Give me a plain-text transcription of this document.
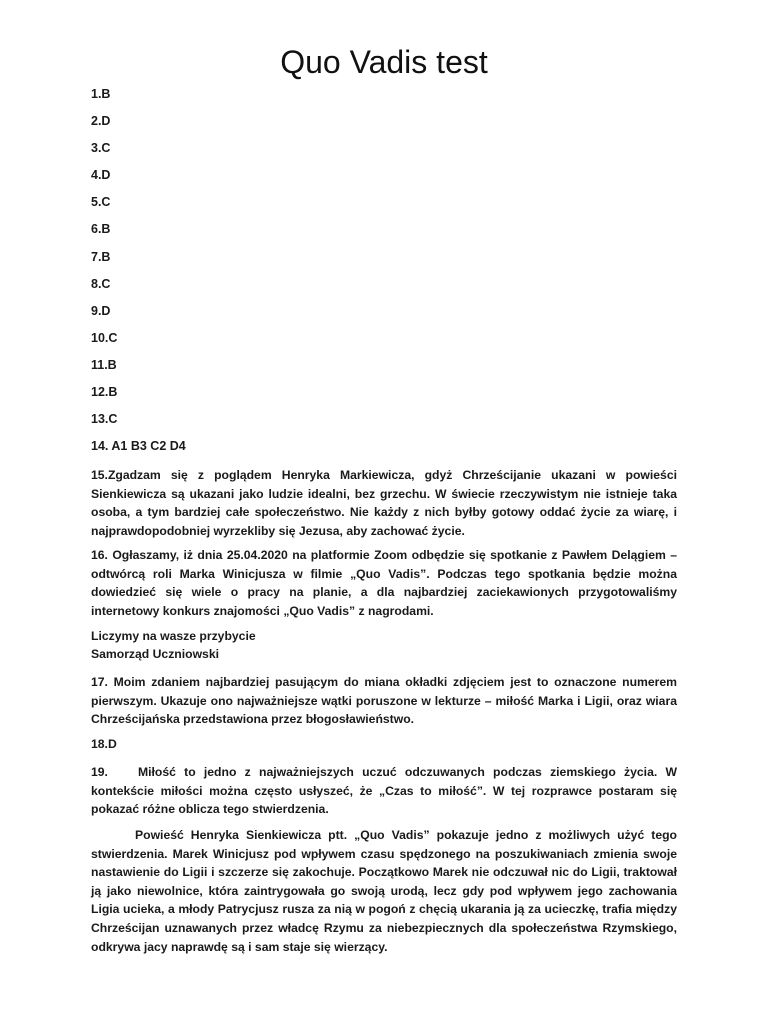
Quo Vadis test
1.B
2.D
3.C
4.D
5.C
6.B
7.B
8.C
9.D
10.C
11.B
12.B
13.C
14. A1 B3 C2 D4

15.Zgadzam się z poglądem Henryka Markiewicza, gdyż Chrześcijanie ukazani w powieści Sienkiewicza są ukazani jako ludzie idealni, bez grzechu. W świecie rzeczywistym nie istnieje taka osoba, a tym bardziej całe społeczeństwo. Nie każdy z nich byłby gotowy oddać życie za wiarę, i najprawdopodobniej wyrzekliby się Jezusa, aby zachować życie.

16. Ogłaszamy, iż dnia 25.04.2020 na platformie Zoom odbędzie się spotkanie z Pawłem Delągiem – odtwórcą roli Marka Winicjusza w filmie „Quo Vadis”. Podczas tego spotkania będzie można dowiedzieć się wiele o pracy na planie, a dla najbardziej zaciekawionych przygotowaliśmy internetowy konkurs znajomości „Quo Vadis” z nagrodami.

Liczymy na wasze przybycie

Samorząd Uczniowski

17. Moim zdaniem najbardziej pasującym do miana okładki zdjęciem jest to oznaczone numerem pierwszym. Ukazuje ono najważniejsze wątki poruszone w lekturze – miłość Marka i Ligii, oraz wiara Chrześcijańska przedstawiona przez błogosławieństwo.

18.D

19. Miłość to jedno z najważniejszych uczuć odczuwanych podczas ziemskiego życia. W kontekście miłości można często usłyszeć, że „Czas to miłość”. W tej rozprawce postaram się pokazać różne oblicza tego stwierdzenia.

Powieść Henryka Sienkiewicza ptt. „Quo Vadis” pokazuje jedno z możliwych użyć tego stwierdzenia. Marek Winicjusz pod wpływem czasu spędzonego na poszukiwaniach zmienia swoje nastawienie do Ligii i szczerze się zakochuje. Początkowo Marek nie odczuwał nic do Ligii, traktował ją jako niewolnice, która zaintrygowała go swoją urodą, lecz gdy pod wpływem jego zachowania Ligia ucieka, a młody Patrycjusz rusza za nią w pogoń z chęcią ukarania ją za ucieczkę, trafia między Chrześcijan uznawanych przez władcę Rzymu za niebezpiecznych dla społeczeństwa Rzymskiego, odkrywa jacy naprawdę są i sam staje się wierzący.
